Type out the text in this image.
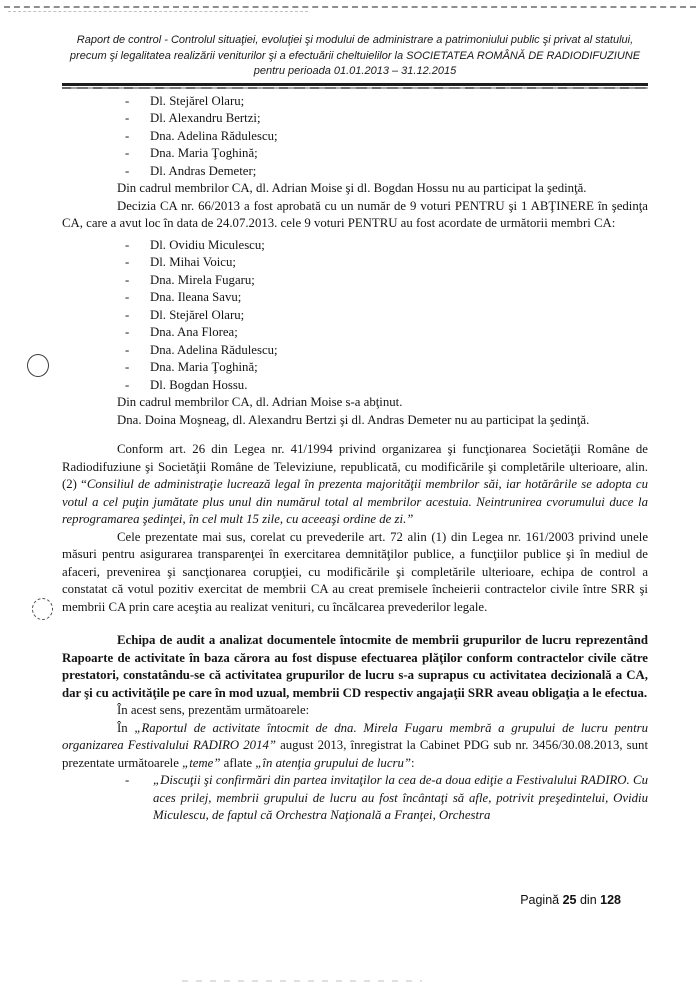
Raport de control - Controlul situaţiei, evoluţiei şi modului de administrare a patrimoniului public şi privat al statului, precum şi legalitatea realizării veniturilor şi a efectuării cheltuielilor la SOCIETATEA ROMÂNĂ DE RADIODIFUZIUNE pentru perioada 01.01.2013 – 31.12.2015
-	Dl. Stejărel Olaru;
-	Dl. Alexandru Bertzi;
-	Dna. Adelina Rădulescu;
-	Dna. Maria Ţoghină;
-	Dl. Andras Demeter;

Din cadrul membrilor CA, dl. Adrian Moise şi dl. Bogdan Hossu nu au participat la şedinţă.

Decizia CA nr. 66/2013 a fost aprobată cu un număr de 9 voturi PENTRU şi 1 ABŢINERE în şedinţa CA, care a avut loc în data de 24.07.2013. cele 9 voturi PENTRU au fost acordate de următorii membri CA:

-	Dl. Ovidiu Miculescu;
-	Dl. Mihai Voicu;
-	Dna. Mirela Fugaru;
-	Dna. Ileana Savu;
-	Dl. Stejărel Olaru;
-	Dna. Ana Florea;
-	Dna. Adelina Rădulescu;
-	Dna. Maria Ţoghină;
-	Dl. Bogdan Hossu.

Din cadrul membrilor CA, dl. Adrian Moise s-a abţinut.

Dna. Doina Moşneag, dl. Alexandru Bertzi şi dl. Andras Demeter nu au participat la şedinţă.

Conform art. 26 din Legea nr. 41/1994 privind organizarea şi funcţionarea Societăţii Române de Radiodifuziune şi Societăţii Române de Televiziune, republicată, cu modificările şi completările ulterioare, alin. (2) “Consiliul de administraţie lucrează legal în prezenta majorităţii membrilor săi, iar hotărârile se adopta cu votul a cel puţin jumătate plus unul din numărul total al membrilor acestuia. Neintrunirea cvorumului duce la reprogramarea şedinţei, în cel mult 15 zile, cu aceeaşi ordine de zi.”

Cele prezentate mai sus, corelat cu prevederile art. 72 alin (1) din Legea nr. 161/2003 privind unele măsuri pentru asigurarea transparenţei în exercitarea demnităţilor publice, a funcţiilor publice şi în mediul de afaceri, prevenirea şi sancţionarea corupţiei, cu modificările şi completările ulterioare, echipa de control a constatat că votul pozitiv exercitat de membrii CA au creat premisele încheierii contractelor civile între SRR şi membrii CA prin care aceştia au realizat venituri, cu încălcarea prevederilor legale.

Echipa de audit a analizat documentele întocmite de membrii grupurilor de lucru reprezentând Rapoarte de activitate în baza cărora au fost dispuse efectuarea plăţilor conform contractelor civile către prestatori, constatându-se că activitatea grupurilor de lucru s-a suprapus cu activitatea decizională a CA, dar şi cu activităţile pe care în mod uzual, membrii CD respectiv angajaţii SRR aveau obligaţia a le efectua.

În acest sens, prezentăm următoarele:

În „Raportul de activitate întocmit de dna. Mirela Fugaru membră a grupului de lucru pentru organizarea Festivalului RADIRO 2014” august 2013, înregistrat la Cabinet PDG sub nr. 3456/30.08.2013, sunt prezentate următoarele „teme” aflate „în atenţia grupului de lucru”:

-	„Discuţii şi confirmări din partea invitaţilor la cea de-a doua ediţie a Festivalului RADIRO. Cu aces prilej, membrii grupului de lucru au fost încântaţi să afle, potrivit preşedintelui, Ovidiu Miculescu, de faptul că Orchestra Naţională a Franţei, Orchestra
Pagină 25 din 128
